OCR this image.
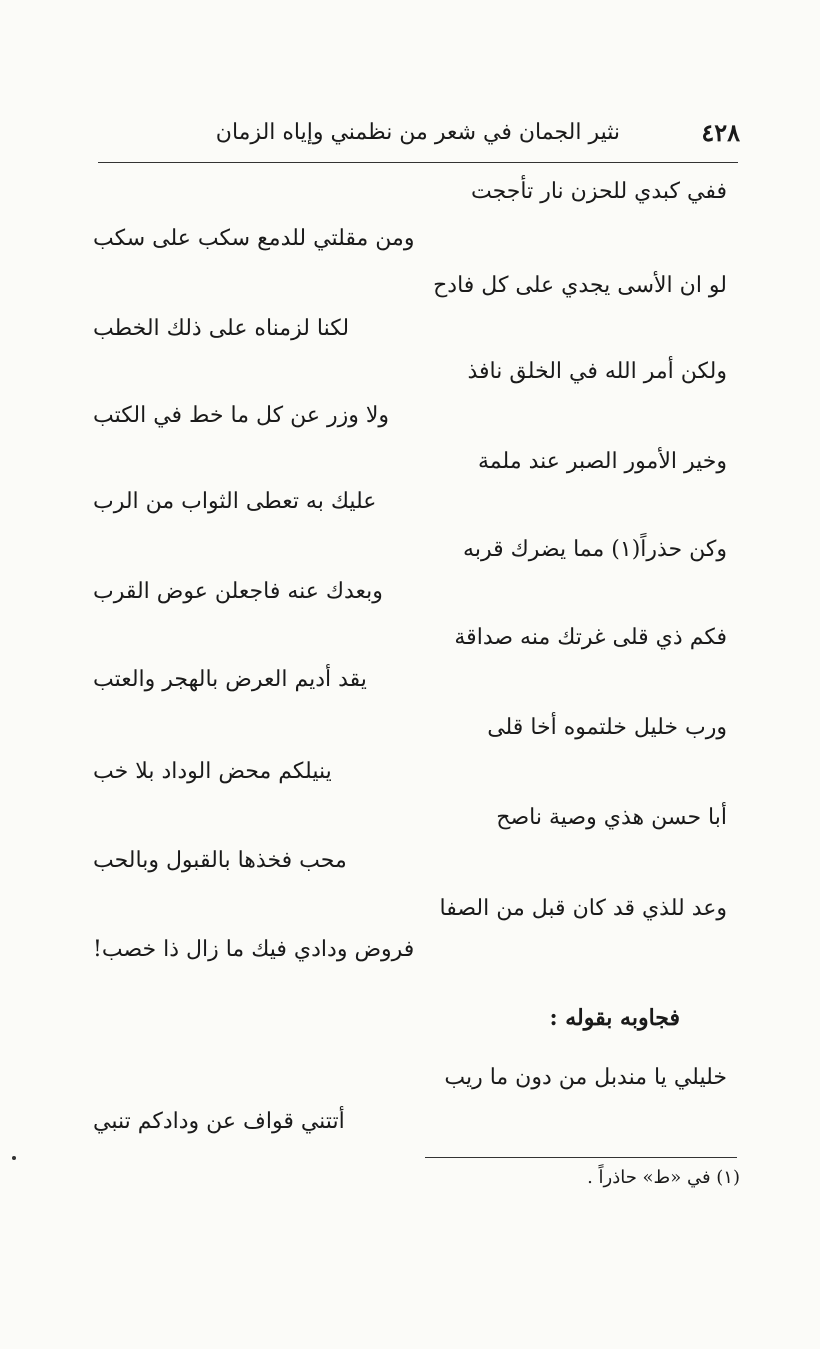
٤٢٨
نثير الجمان في شعر من نظمني وإياه الزمان
ففي كبدي للحزن نار تأججت
ومن مقلتي للدمع سكب على سكب
لو ان الأسى يجدي على كل فادح
لكنا لزمناه على ذلك الخطب
ولكن أمر الله في الخلق نافذ
ولا وزر عن كل ما خط في الكتب
وخير الأمور الصبر عند ملمة
عليك به تعطى الثواب من الرب
وكن حذراً(١) مما يضرك قربه
وبعدك عنه فاجعلن عوض القرب
فكم ذي قلى غرتك منه صداقة
يقد أديم العرض بالهجر والعتب
ورب خليل خلتموه أخا قلى
ينيلكم محض الوداد بلا خب
أبا حسن هذي وصية ناصح
محب فخذها بالقبول وبالحب
وعد للذي قد كان قبل من الصفا
فروض ودادي فيك ما زال ذا خصب!
فجاوبه بقوله :
خليلي يا مندبل من دون ما ريب
أتتني قواف عن ودادكم تنبي
(١) في «ط» حاذراً .
